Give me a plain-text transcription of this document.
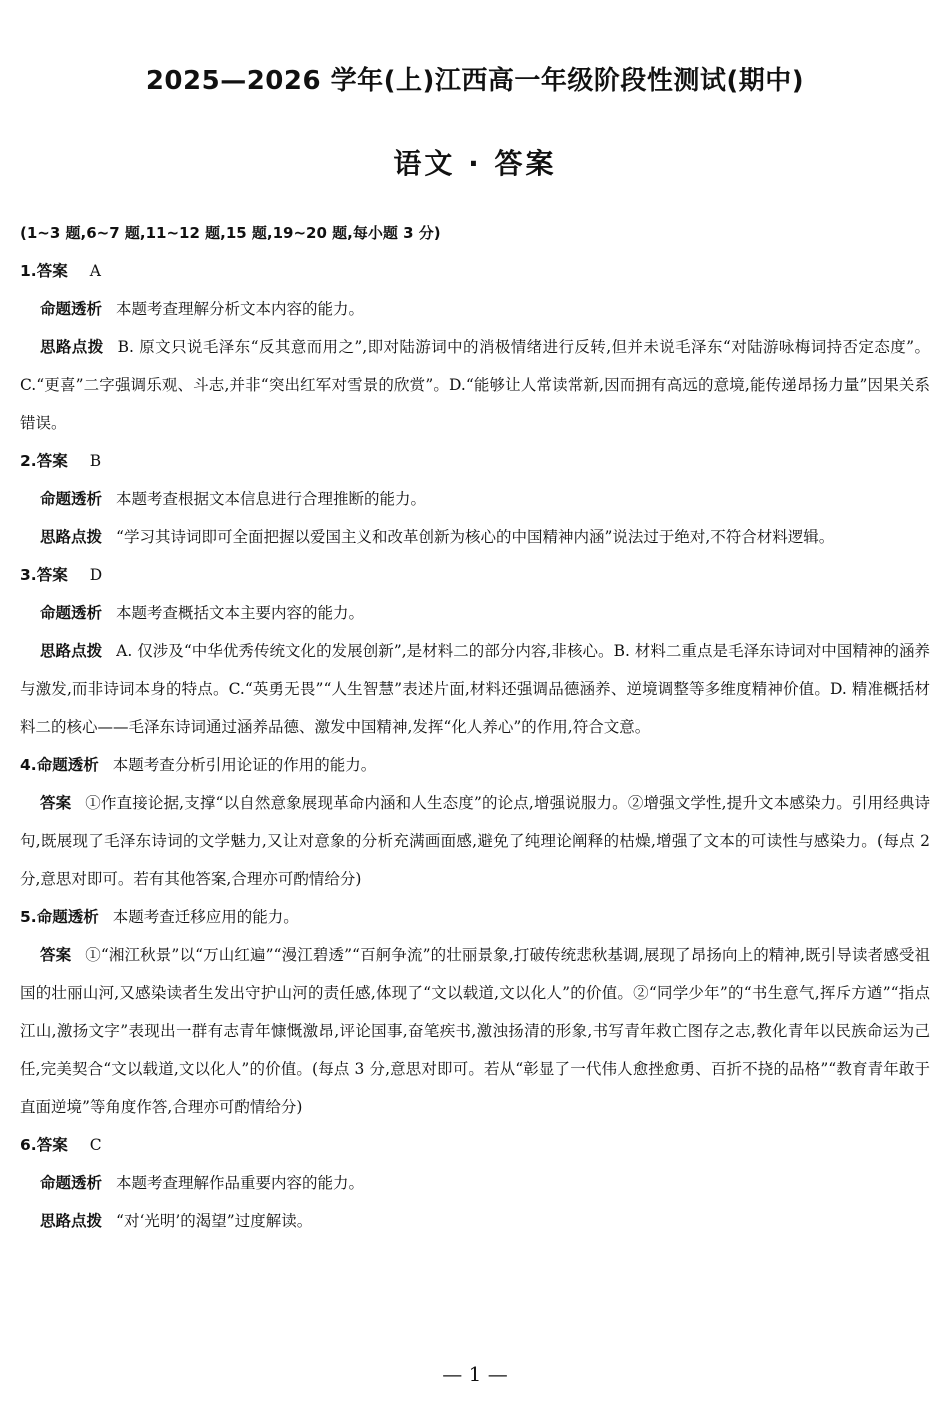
2025—2026 学年(上)江西高一年级阶段性测试(期中)
语文 · 答案
(1~3 题,6~7 题,11~12 题,15 题,19~20 题,每小题 3 分)
1.答案 A
命题透析 本题考查理解分析文本内容的能力。
思路点拨 B. 原文只说毛泽东“反其意而用之”,即对陆游词中的消极情绪进行反转,但并未说毛泽东“对陆游咏梅词持否定态度”。C.“更喜”二字强调乐观、斗志,并非“突出红军对雪景的欣赏”。D.“能够让人常读常新,因而拥有高远的意境,能传递昂扬力量”因果关系错误。
2.答案 B
命题透析 本题考查根据文本信息进行合理推断的能力。
思路点拨 “学习其诗词即可全面把握以爱国主义和改革创新为核心的中国精神内涵”说法过于绝对,不符合材料逻辑。
3.答案 D
命题透析 本题考查概括文本主要内容的能力。
思路点拨 A. 仅涉及“中华优秀传统文化的发展创新”,是材料二的部分内容,非核心。B. 材料二重点是毛泽东诗词对中国精神的涵养与激发,而非诗词本身的特点。C.“英勇无畏”“人生智慧”表述片面,材料还强调品德涵养、逆境调整等多维度精神价值。D. 精准概括材料二的核心——毛泽东诗词通过涵养品德、激发中国精神,发挥“化人养心”的作用,符合文意。
4.命题透析 本题考查分析引用论证的作用的能力。
答案 ①作直接论据,支撑“以自然意象展现革命内涵和人生态度”的论点,增强说服力。②增强文学性,提升文本感染力。引用经典诗句,既展现了毛泽东诗词的文学魅力,又让对意象的分析充满画面感,避免了纯理论阐释的枯燥,增强了文本的可读性与感染力。(每点 2 分,意思对即可。若有其他答案,合理亦可酌情给分)
5.命题透析 本题考查迁移应用的能力。
答案 ①“湘江秋景”以“万山红遍”“漫江碧透”“百舸争流”的壮丽景象,打破传统悲秋基调,展现了昂扬向上的精神,既引导读者感受祖国的壮丽山河,又感染读者生发出守护山河的责任感,体现了“文以载道,文以化人”的价值。②“同学少年”的“书生意气,挥斥方遒”“指点江山,激扬文字”表现出一群有志青年慷慨激昂,评论国事,奋笔疾书,激浊扬清的形象,书写青年救亡图存之志,教化青年以民族命运为己任,完美契合“文以载道,文以化人”的价值。(每点 3 分,意思对即可。若从“彰显了一代伟人愈挫愈勇、百折不挠的品格”“教育青年敢于直面逆境”等角度作答,合理亦可酌情给分)
6.答案 C
命题透析 本题考查理解作品重要内容的能力。
思路点拨 “对‘光明’的渴望”过度解读。
— 1 —
